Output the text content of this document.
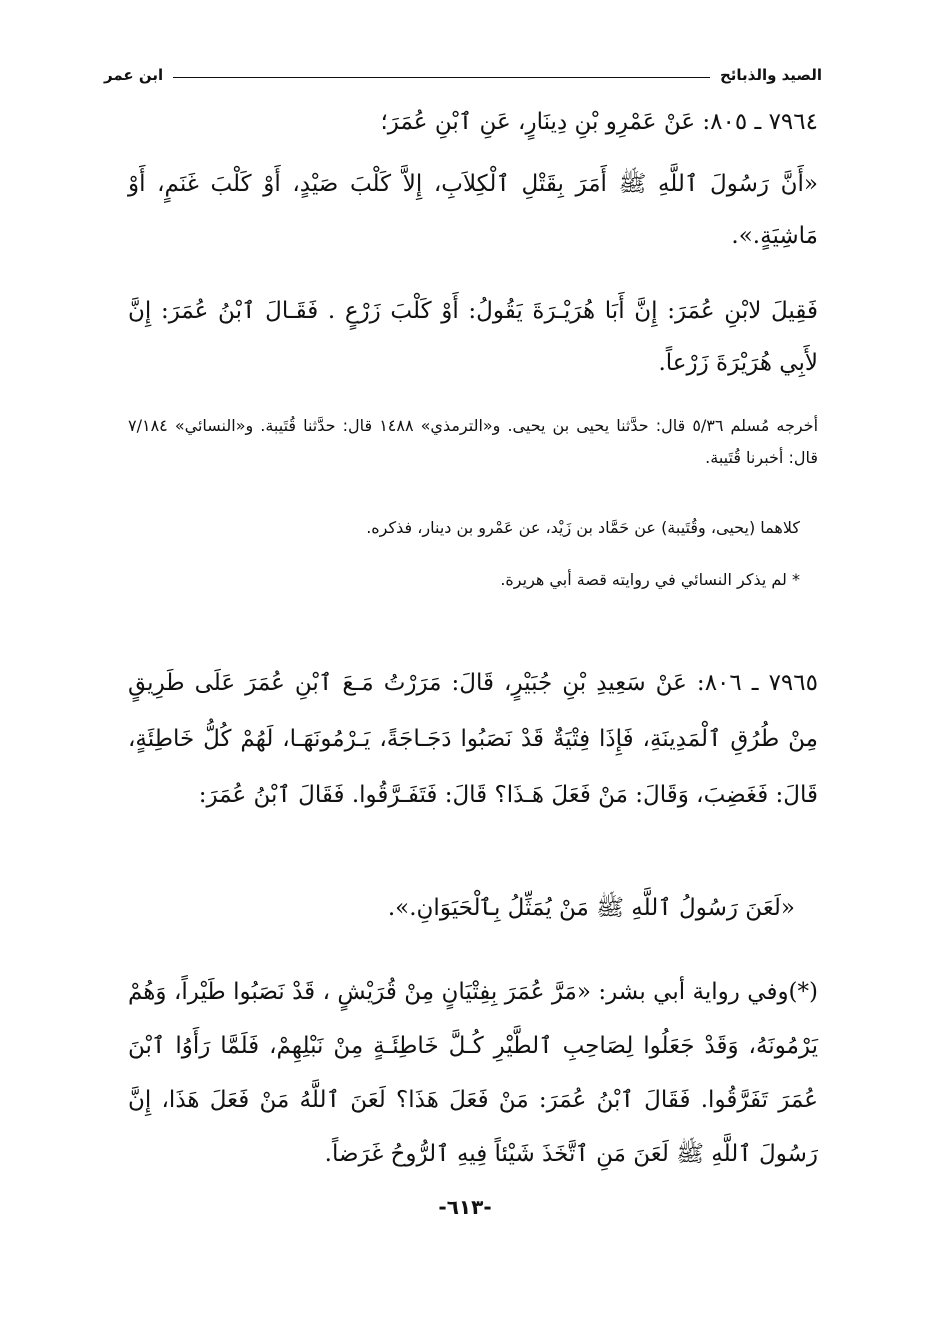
الصيد والذبائح
ابن عمر

٧٩٦٤ ـ ٨٠٥: عَنْ عَمْرِو بْنِ دِينَارٍ، عَنِ ٱبْنِ عُمَرَ؛

«أَنَّ رَسُولَ ٱللَّهِ ﷺ أَمَرَ بِقَتْلِ ٱلْكِلاَبِ، إِلاَّ كَلْبَ صَيْدٍ، أَوْ كَلْبَ غَنَمٍ، أَوْ مَاشِيَةٍ.».

فَقِيلَ لابْنِ عُمَرَ: إِنَّ أَبَا هُرَيْـرَةَ يَقُولُ: أَوْ كَلْبَ زَرْعٍ . فَقَـالَ ٱبْنُ عُمَرَ: إِنَّ لأَبِي هُرَيْرَةَ زَرْعاً.

أخرجه مُسلم ٥/٣٦ قال: حدَّثنا يحيى بن يحيى. و«الترمذي» ١٤٨٨ قال: حدَّثنا قُتَيبة. و«النسائي» ٧/١٨٤ قال: أخبرنا قُتَيبة.

كلاهما (يحيى، وقُتَيبة) عن حَمَّاد بن زَيْد، عن عَمْرو بن دينار، فذكره.

* لم يذكر النسائي في روايته قصة أبي هريرة.

٧٩٦٥ ـ ٨٠٦: عَنْ سَعِيدِ بْنِ جُبَيْرٍ، قَالَ: مَرَرْتُ مَـعَ ٱبْنِ عُمَرَ عَلَى طَرِيقٍ مِنْ طُرُقِ ٱلْمَدِينَةِ، فَإِذَا فِتْيَةٌ قَدْ نَصَبُوا دَجَـاجَةً، يَـرْمُونَهَـا، لَهُمْ كُلُّ خَاطِئَةٍ، قَالَ: فَغَضِبَ، وَقَالَ: مَنْ فَعَلَ هَـذَا؟ قَالَ: فَتَفَـرَّقُوا. فَقَالَ ٱبْنُ عُمَرَ:

«لَعَنَ رَسُولُ ٱللَّهِ ﷺ مَنْ يُمَثِّلُ بِٱلْحَيَوَانِ.».

(*)وفي رواية أبي بشر: «مَرَّ عُمَرَ بِفِتْيَانٍ مِنْ قُرَيْشٍ ، قَدْ نَصَبُوا طَيْراً، وَهُمْ يَرْمُونَهُ، وَقَدْ جَعَلُوا لِصَاحِبِ ٱلطَّيْرِ كُـلَّ خَاطِئَـةٍ مِنْ نَبْلِهِمْ، فَلَمَّا رَأَوُا ٱبْنَ عُمَرَ تَفَرَّقُوا. فَقَالَ ٱبْنُ عُمَرَ: مَنْ فَعَلَ هَذَا؟ لَعَنَ ٱللَّهُ مَنْ فَعَلَ هَذَا، إِنَّ رَسُولَ ٱللَّهِ ﷺ لَعَنَ مَنِ ٱتَّخَذَ شَيْئاً فِيهِ ٱلرُّوحُ غَرَضاً.

-٦١٣-
